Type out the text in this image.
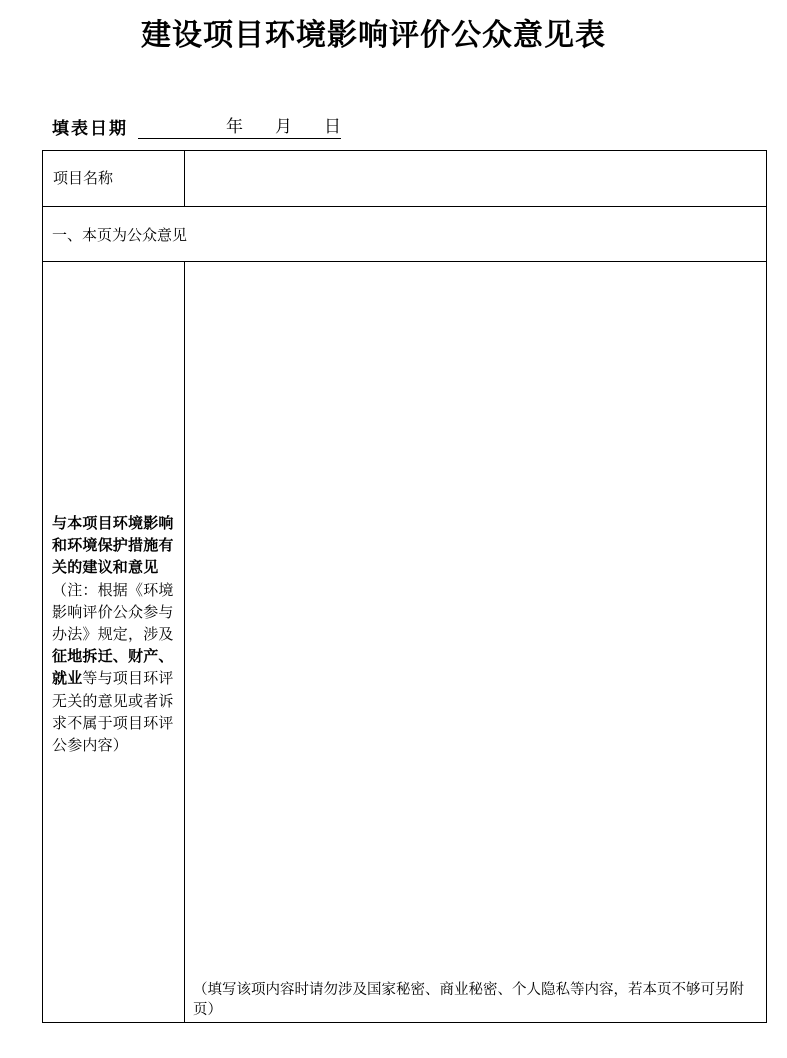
建设项目环境影响评价公众意见表
填表日期	年 月 日
项目名称
一、本页为公众意见
与本项目环境影响和环境保护措施有关的建议和意见（注：根据《环境影响评价公众参与办法》规定，涉及征地拆迁、财产、就业等与项目环评无关的意见或者诉求不属于项目环评公参内容）
（填写该项内容时请勿涉及国家秘密、商业秘密、个人隐私等内容，若本页不够可另附页）
